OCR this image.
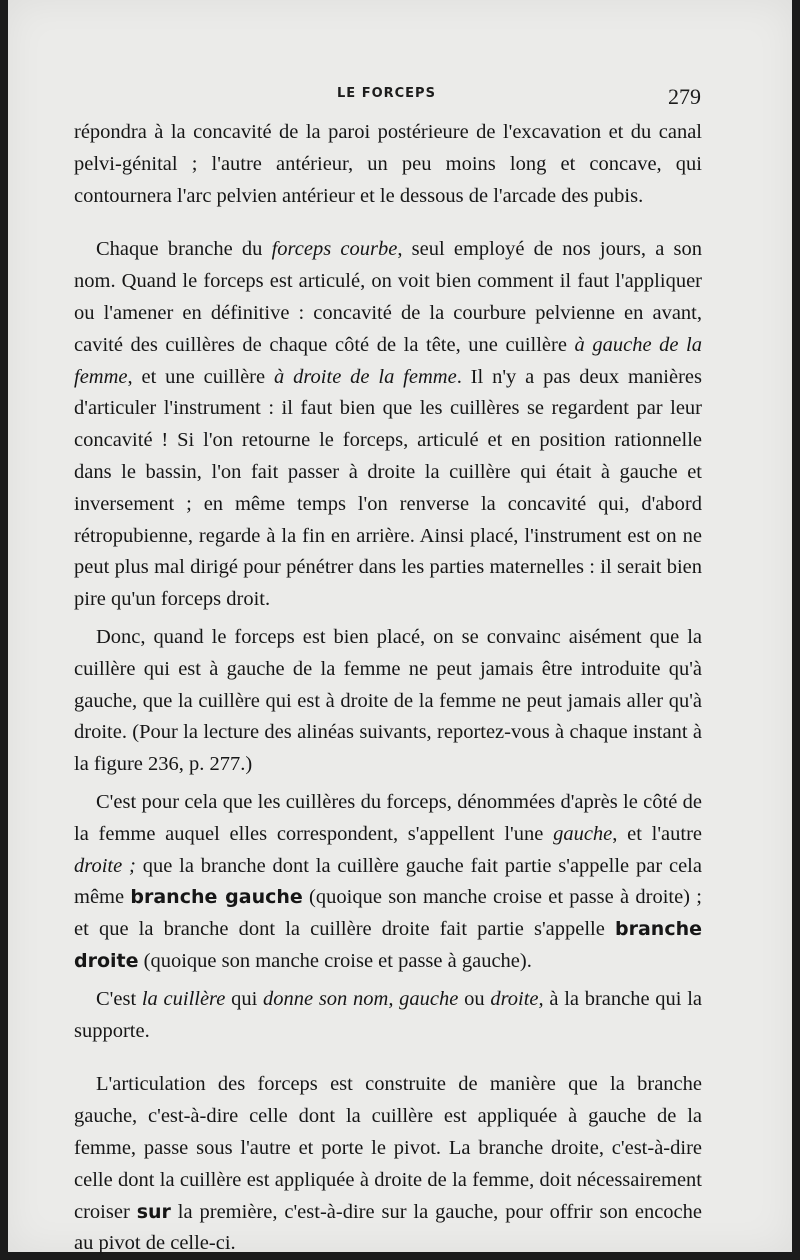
LE FORCEPS	279

répondra à la concavité de la paroi postérieure de l'excavation et du canal pelvi-génital ; l'autre antérieur, un peu moins long et concave, qui contournera l'arc pelvien antérieur et le dessous de l'arcade des pubis.

Chaque branche du forceps courbe, seul employé de nos jours, a son nom. Quand le forceps est articulé, on voit bien comment il faut l'appliquer ou l'amener en définitive : concavité de la courbure pelvienne en avant, cavité des cuillères de chaque côté de la tête, une cuillère à gauche de la femme, et une cuillère à droite de la femme. Il n'y a pas deux manières d'articuler l'instrument : il faut bien que les cuillères se regardent par leur concavité ! Si l'on retourne le forceps, articulé et en position rationnelle dans le bassin, l'on fait passer à droite la cuillère qui était à gauche et inversement ; en même temps l'on renverse la concavité qui, d'abord rétropubienne, regarde à la fin en arrière. Ainsi placé, l'instrument est on ne peut plus mal dirigé pour pénétrer dans les parties maternelles : il serait bien pire qu'un forceps droit.

Donc, quand le forceps est bien placé, on se convainc aisément que la cuillère qui est à gauche de la femme ne peut jamais être introduite qu'à gauche, que la cuillère qui est à droite de la femme ne peut jamais aller qu'à droite. (Pour la lecture des alinéas suivants, reportez-vous à chaque instant à la figure 236, p. 277.)

C'est pour cela que les cuillères du forceps, dénommées d'après le côté de la femme auquel elles correspondent, s'appellent l'une gauche, et l'autre droite ; que la branche dont la cuillère gauche fait partie s'appelle par cela même branche gauche (quoique son manche croise et passe à droite) ; et que la branche dont la cuillère droite fait partie s'appelle branche droite (quoique son manche croise et passe à gauche).

C'est la cuillère qui donne son nom, gauche ou droite, à la branche qui la supporte.

L'articulation des forceps est construite de manière que la branche gauche, c'est-à-dire celle dont la cuillère est appliquée à gauche de la femme, passe sous l'autre et porte le pivot. La branche droite, c'est-à-dire celle dont la cuillère est appliquée à droite de la femme, doit nécessairement croiser sur la première, c'est-à-dire sur la gauche, pour offrir son encoche au pivot de celle-ci.
